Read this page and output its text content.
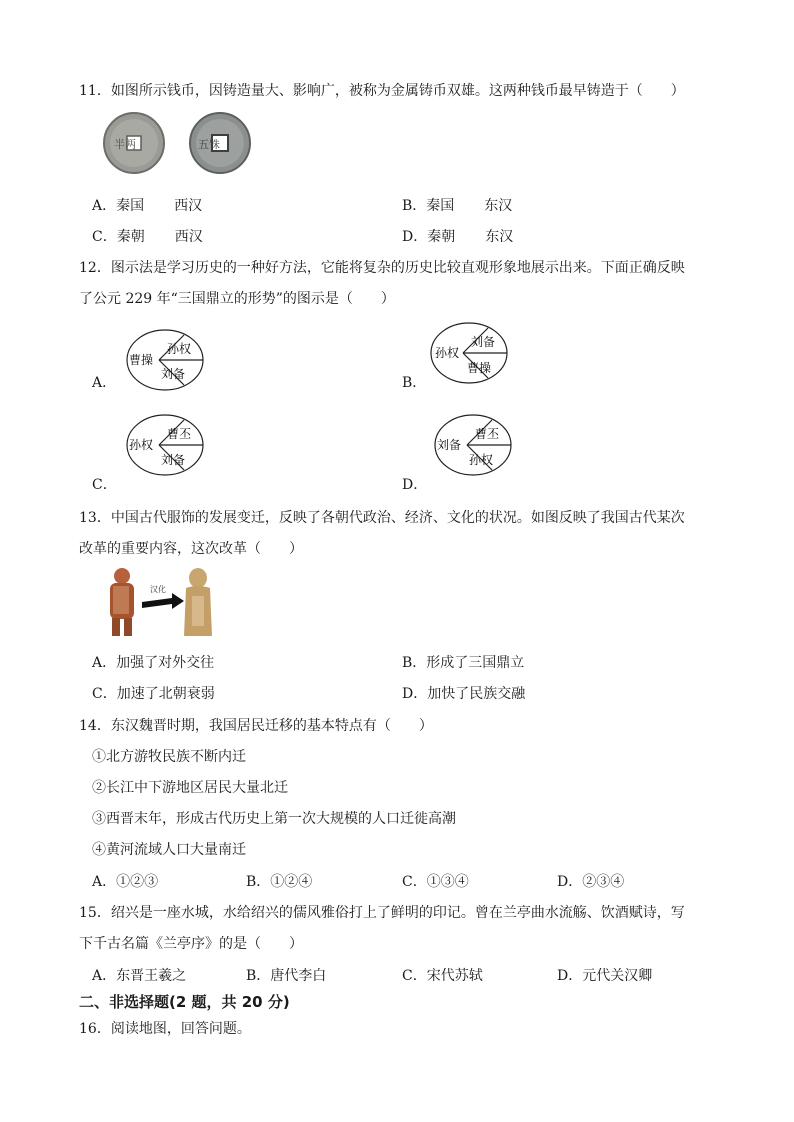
11．如图所示钱币，因铸造量大、影响广，被称为金属铸币双雄。这两种钱币最早铸造于（　　）
半两	五铢
A．秦国 西汉	B．秦国 东汉
C．秦朝 西汉	D．秦朝 东汉
12．图示法是学习历史的一种好方法，它能将复杂的历史比较直观形象地展示出来。下面正确反映
了公元 229 年“三国鼎立的形势”的图示是（　　）
A．
曹操
孙权
刘备
B．
孙权
刘备
曹操
C．
孙权
曹丕
刘备
D．
刘备
曹丕
孙权
13．中国古代服饰的发展变迁，反映了各朝代政治、经济、文化的状况。如图反映了我国古代某次
改革的重要内容，这次改革（　　）
汉化
A．加强了对外交往	B．形成了三国鼎立
C．加速了北朝衰弱	D．加快了民族交融
14．东汉魏晋时期，我国居民迁移的基本特点有（　　）
①北方游牧民族不断内迁
②长江中下游地区居民大量北迁
③西晋末年，形成古代历史上第一次大规模的人口迁徙高潮
④黄河流域人口大量南迁
A．①②③	B．①②④	C．①③④	D．②③④
15．绍兴是一座水城，水给绍兴的儒风雅俗打上了鲜明的印记。曾在兰亭曲水流觞、饮酒赋诗，写
下千古名篇《兰亭序》的是（　　）
A．东晋王羲之	B．唐代李白	C．宋代苏轼	D．元代关汉卿
二、非选择题(2 题，共 20 分)
16．阅读地图，回答问题。
